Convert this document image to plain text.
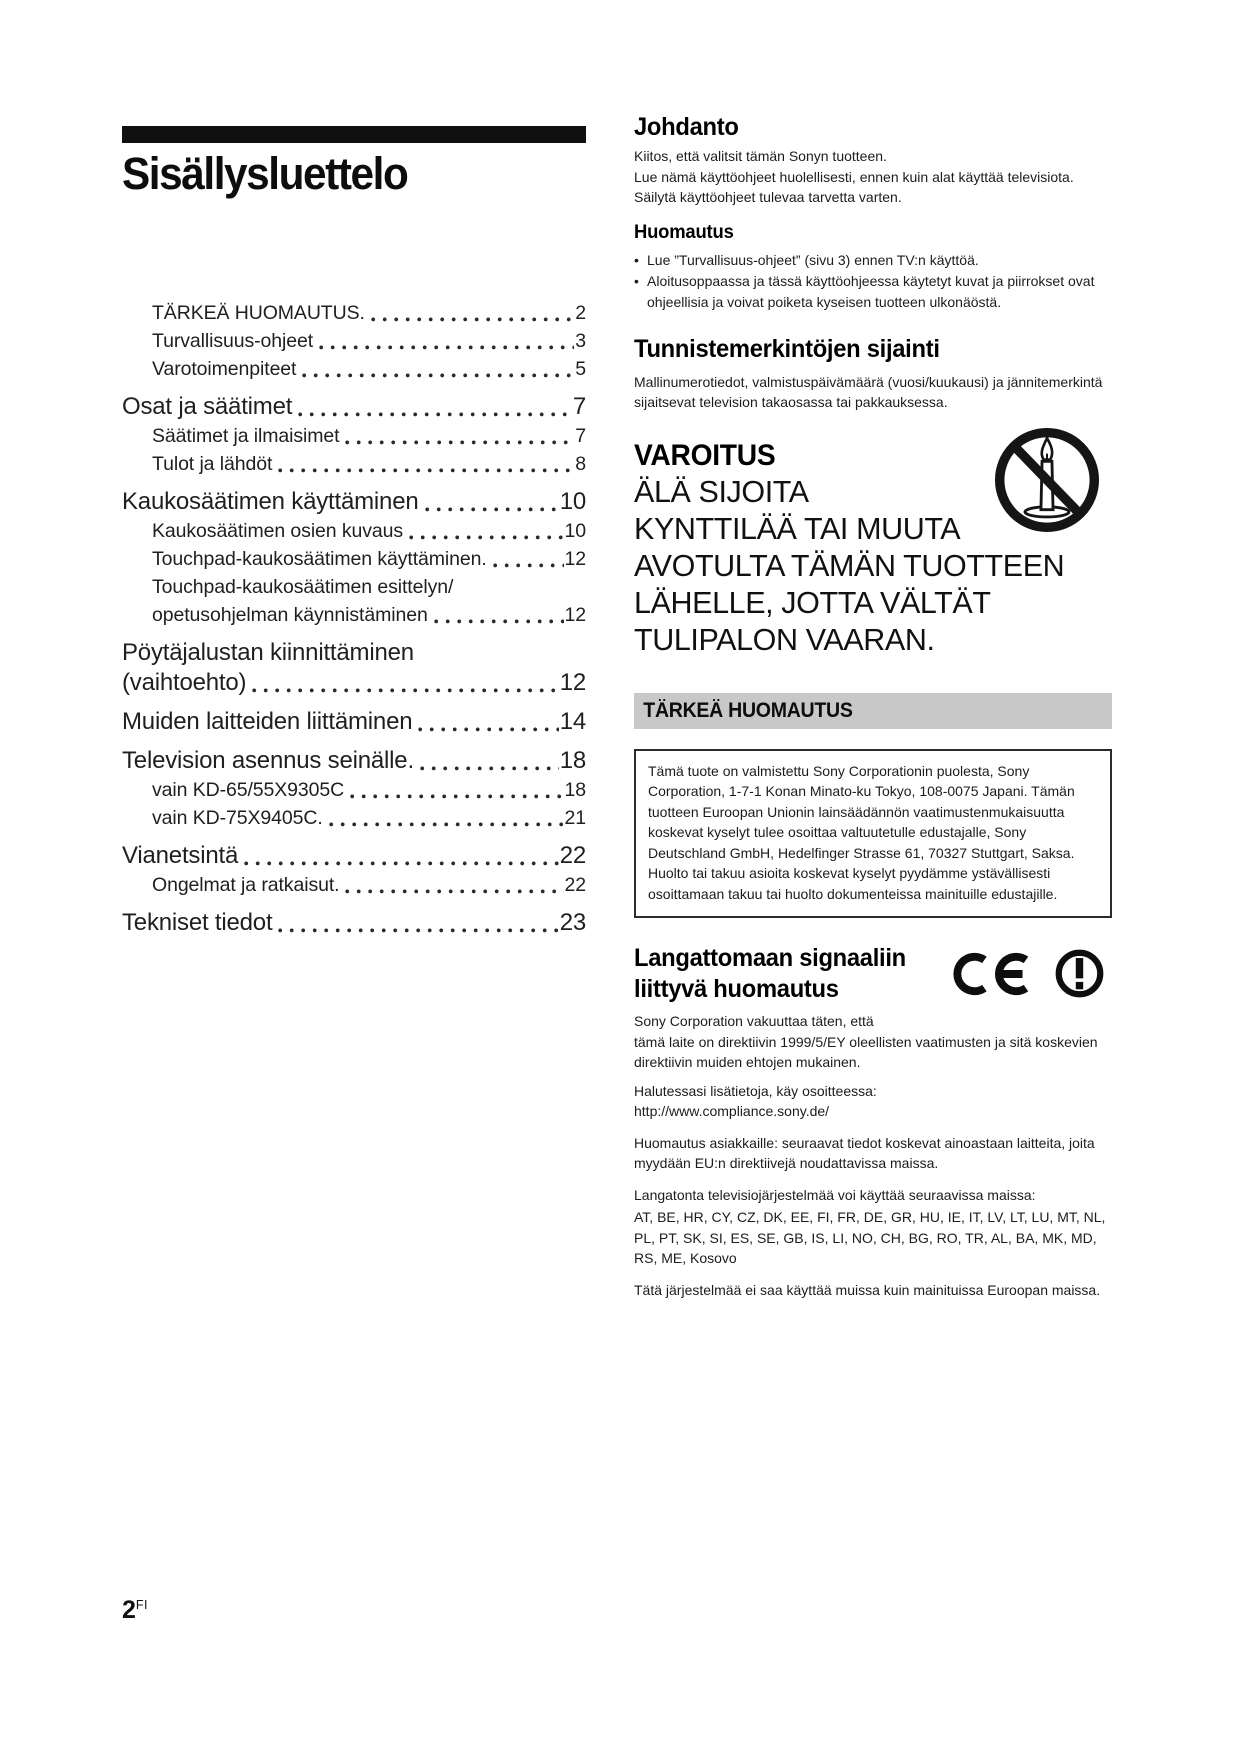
Sisällysluettelo
TÄRKEÄ HUOMAUTUS.	2
Turvallisuus-ohjeet	3
Varotoimenpiteet	5
Osat ja säätimet	7
Säätimet ja ilmaisimet	7
Tulot ja lähdöt	8
Kaukosäätimen käyttäminen	10
Kaukosäätimen osien kuvaus	10
Touchpad-kaukosäätimen käyttäminen.	12
Touchpad-kaukosäätimen esittelyn/
opetusohjelman käynnistäminen	12
Pöytäjalustan kiinnittäminen
(vaihtoehto)	12
Muiden laitteiden liittäminen	14
Television asennus seinälle.	18
vain KD-65/55X9305C	18
vain KD-75X9405C.	21
Vianetsintä	22
Ongelmat ja ratkaisut.	22
Tekniset tiedot	23
Johdanto

Kiitos, että valitsit tämän Sonyn tuotteen.
Lue nämä käyttöohjeet huolellisesti, ennen kuin alat käyttää televisiota. Säilytä käyttöohjeet tulevaa tarvetta varten.

Huomautus
• Lue ”Turvallisuus-ohjeet” (sivu 3) ennen TV:n käyttöä.
• Aloitusoppaassa ja tässä käyttöohjeessa käytetyt kuvat ja piirrokset ovat ohjeellisia ja voivat poiketa kyseisen tuotteen ulkonäöstä.
Tunnistemerkintöjen sijainti

Mallinumerotiedot, valmistuspäivämäärä (vuosi/kuukausi) ja jännitemerkintä sijaitsevat television takaosassa tai pakkauksessa.

VAROITUS
ÄLÄ SIJOITA
KYNTTILÄÄ TAI MUUTA
AVOTULTA TÄMÄN TUOTTEEN
LÄHELLE, JOTTA VÄLTÄT
TULIPALON VAARAN.
TÄRKEÄ HUOMAUTUS
Tämä tuote on valmistettu Sony Corporationin puolesta, Sony Corporation, 1-7-1 Konan Minato-ku Tokyo, 108-0075 Japani. Tämän tuotteen Euroopan Unionin lainsäädännön vaatimustenmukaisuutta koskevat kyselyt tulee osoittaa valtuutetulle edustajalle, Sony Deutschland GmbH, Hedelfinger Strasse 61, 70327 Stuttgart, Saksa. Huolto tai takuu asioita koskevat kyselyt pyydämme ystävällisesti osoittamaan takuu tai huolto dokumenteissa mainituille edustajille.
Langattomaan signaaliin
liittyvä huomautus

Sony Corporation vakuuttaa täten, että
tämä laite on direktiivin 1999/5/EY oleellisten vaatimusten ja sitä koskevien direktiivin muiden ehtojen mukainen.

Halutessasi lisätietoja, käy osoitteessa:
http://www.compliance.sony.de/

Huomautus asiakkaille: seuraavat tiedot koskevat ainoastaan laitteita, joita myydään EU:n direktiivejä noudattavissa maissa.

Langatonta televisiojärjestelmää voi käyttää seuraavissa maissa:

AT, BE, HR, CY, CZ, DK, EE, FI, FR, DE, GR, HU, IE, IT, LV, LT, LU, MT, NL, PL, PT, SK, SI, ES, SE, GB, IS, LI, NO, CH, BG, RO, TR, AL, BA, MK, MD, RS, ME, Kosovo

Tätä järjestelmää ei saa käyttää muissa kuin mainituissa Euroopan maissa.

$2^{FI}$
